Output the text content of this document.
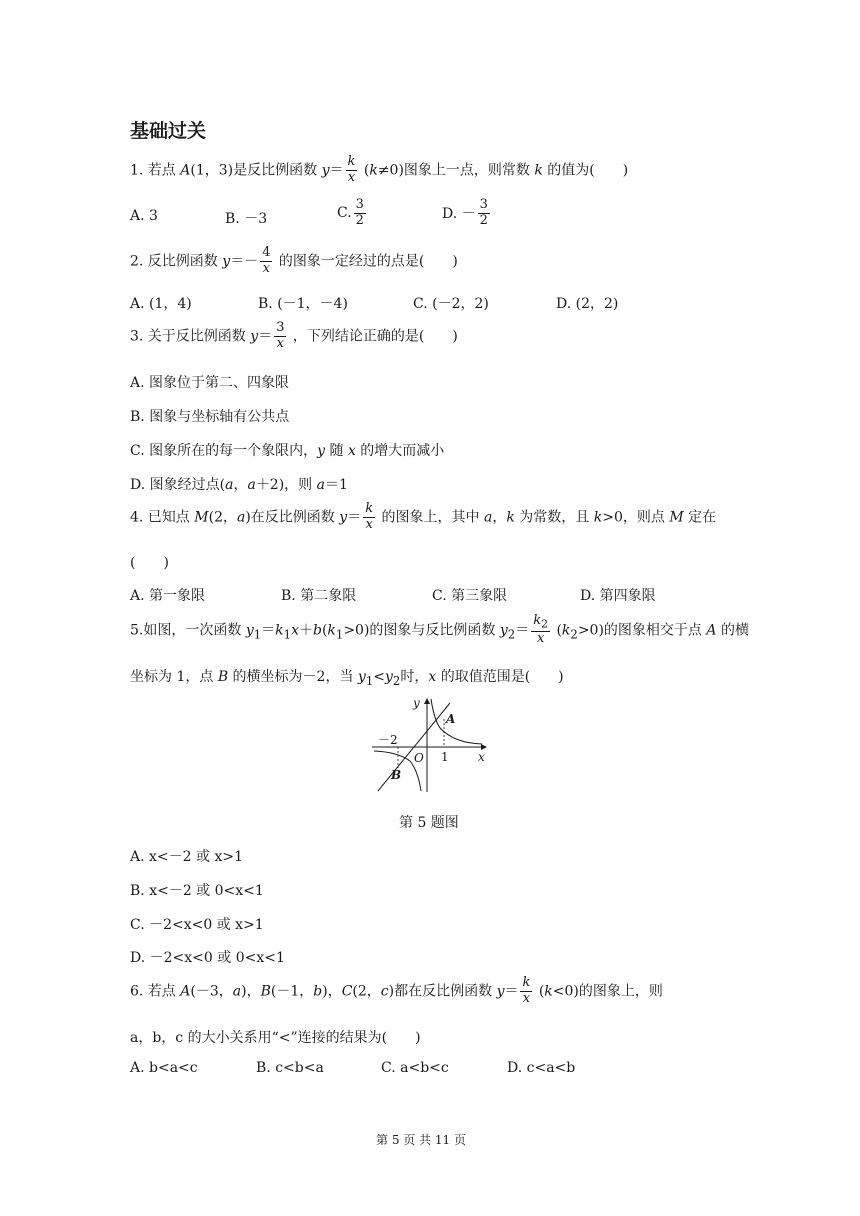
基础过关
1. 若点 A(1，3)是反比例函数 $y= \frac{k}{x} (k\ne 0)$图象上一点，则常数 k 的值为(　　)
A. 3	B. －3	C. $\frac{3}{2}$	D. － $\frac{3}{2}$
2. 反比例函数 $y=- \frac{4}{x}$ 的图象一定经过的点是(　　)
A. (1，4)	B. (－1，－4)	C. (－2，2)	D. (2，2)
3. 关于反比例函数 $y= \frac{3}{x}$ ，下列结论正确的是(　　)
A. 图象位于第二、四象限
B. 图象与坐标轴有公共点
C. 图象所在的每一个象限内，y 随 x 的增大而减小
D. 图象经过点(a，a＋2)，则 a＝1
4. 已知点 M(2，a)在反比例函数 $y= \frac{k}{x}$ 的图象上，其中 a，k 为常数，且 k>0，则点 M 定在
(　　)
A. 第一象限	B. 第二象限	C. 第三象限	D. 第四象限
5.如图，一次函数 $y_1=k_1x+b(k_1>0)$的图象与反比例函数 $y_2= \frac{k_2}{x} (k_2>0)$的图象相交于点 A 的横
坐标为 1，点 B 的横坐标为－2，当 $y_1<y_2$时，x 的取值范围是(　　)
y
x
O
A
B
－2
1
第 5 题图
A. x<－2 或 x>1
B. x<－2 或 0<x<1
C. －2<x<0 或 x>1
D. －2<x<0 或 0<x<1
6. 若点 A(－3，a)，B(－1，b)，C(2，c)都在反比例函数 $y= \frac{k}{x} (k<0)$的图象上，则
a，b，c 的大小关系用“<”连接的结果为(　　)
A. b<a<c	B. c<b<a	C. a<b<c	D. c<a<b
第 5 页 共 11 页
